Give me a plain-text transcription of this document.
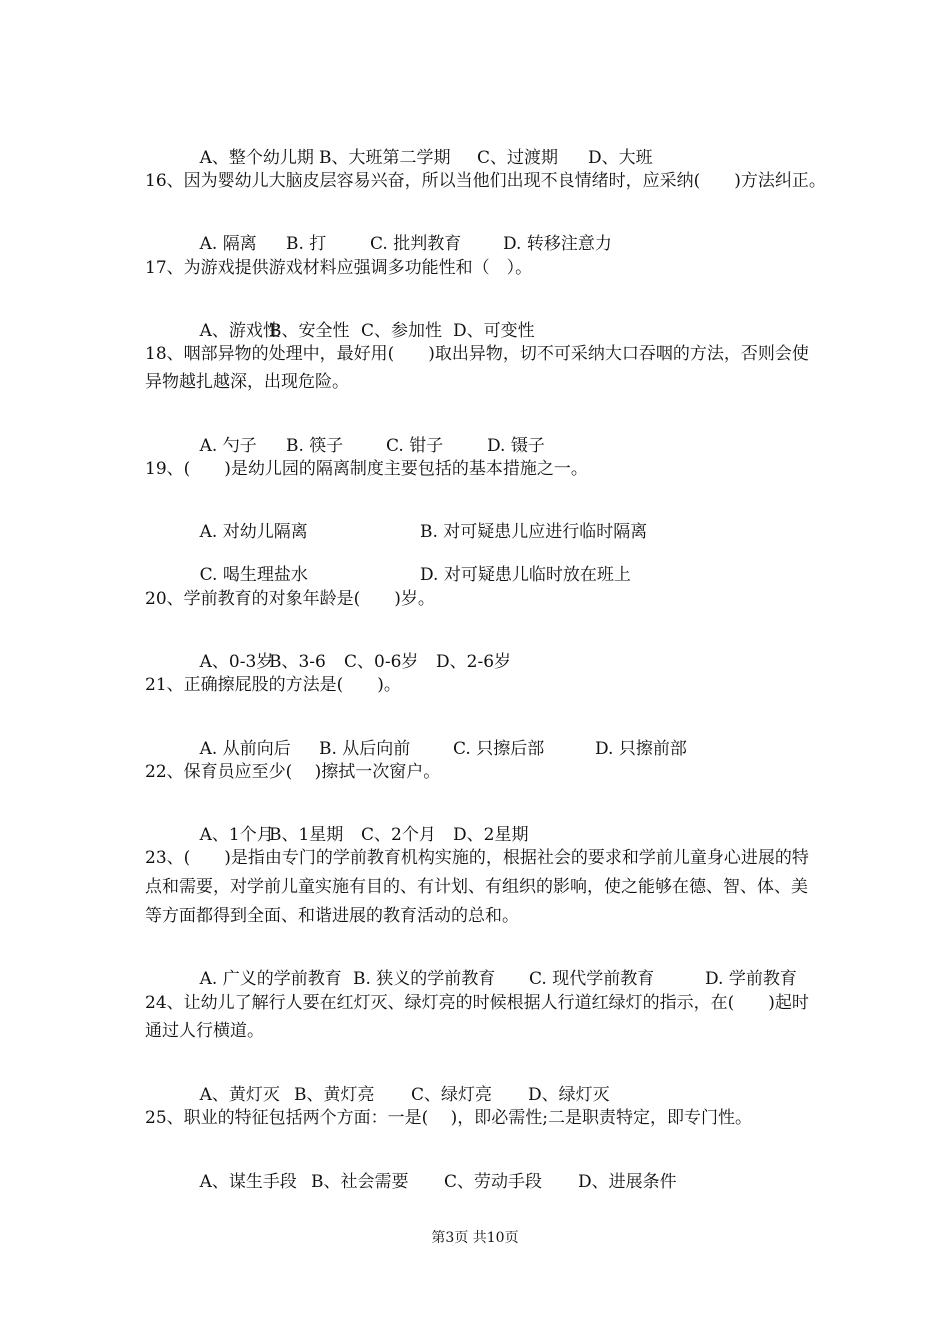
A、整个幼儿期 B、大班第二学期 C、过渡期 D、大班

16、因为婴幼儿大脑皮层容易兴奋，所以当他们出现不良情绪时，应采纳(　　)方法纠正。

A. 隔离 B. 打	C. 批判教育 D. 转移注意力

17、为游戏提供游戏材料应强调多功能性和（　）。

A、游戏性
B、安全性 C、参加性 D、可变性

18、咽部异物的处理中，最好用(　　)取出异物，切不可采纳大口吞咽的方法，否则会使
异物越扎越深，出现危险。

A. 勺子 B. 筷子	C. 钳子	D. 镊子

19、(　　)是幼儿园的隔离制度主要包括的基本措施之一。

A. 对幼儿隔离	B. 对可疑患儿应进行临时隔离

C. 喝生理盐水	D. 对可疑患儿临时放在班上

20、学前教育的对象年龄是(　　)岁。

A、0-3岁
B、3-6 C、0-6岁 D、2-6岁

21、正确擦屁股的方法是(　　)。

A. 从前向后 B. 从后向前	C. 只擦后部	D. 只擦前部

22、保育员应至少(　 )擦拭一次窗户。

A、1个月
B、1星期 C、2个月 D、2星期

23、(　　)是指由专门的学前教育机构实施的，根据社会的要求和学前儿童身心进展的特
点和需要，对学前儿童实施有目的、有计划、有组织的影响，使之能够在德、智、体、美
等方面都得到全面、和谐进展的教育活动的总和。

A. 广义的学前教育 B. 狭义的学前教育 C. 现代学前教育	D. 学前教育

24、让幼儿了解行人要在红灯灭、绿灯亮的时候根据人行道红绿灯的指示，在(　　)起时
通过人行横道。

A、黄灯灭 B、黄灯亮 C、绿灯亮 D、绿灯灭

25、职业的特征包括两个方面：一是(　 )，即必需性;二是职责特定，即专门性。

A、谋生手段 B、社会需要 C、劳动手段 D、进展条件

第3页 共10页
